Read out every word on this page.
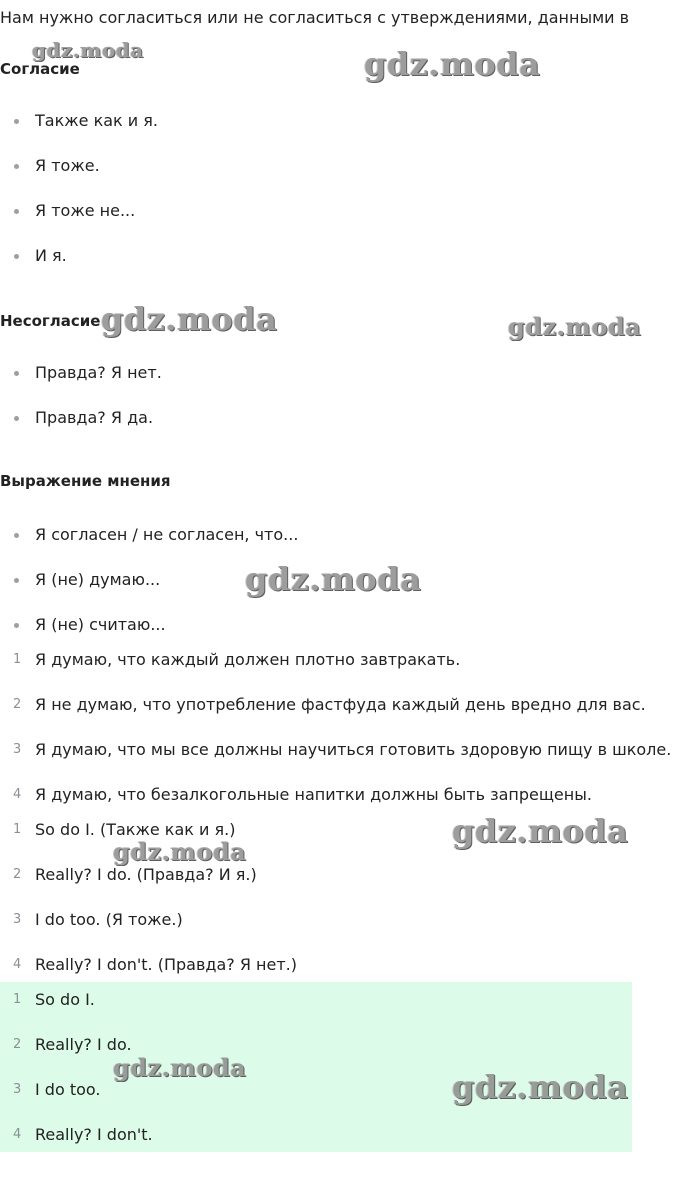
Нам нужно согласиться или не согласиться с утверждениями, данными в
Согласие
Также как и я.
Я тоже.
Я тоже не...
И я.
Несогласие
Правда? Я нет.
Правда? Я да.
Выражение мнения
Я согласен / не согласен, что...
Я (не) думаю...
Я (не) считаю...
1 Я думаю, что каждый должен плотно завтракать.
2 Я не думаю, что употребление фастфуда каждый день вредно для вас.
3 Я думаю, что мы все должны научиться готовить здоровую пищу в школе.
4 Я думаю, что безалкогольные напитки должны быть запрещены.
1 So do I. (Также как и я.)
2 Really? I do. (Правда? И я.)
3 I do too. (Я тоже.)
4 Really? I don't. (Правда? Я нет.)
1 So do I.
2 Really? I do.
3 I do too.
4 Really? I don't.
gdz.moda	gdz.moda
gdz.moda	gdz.moda
gdz.moda
gdz.moda
gdz.moda
gdz.moda
gdz.moda
